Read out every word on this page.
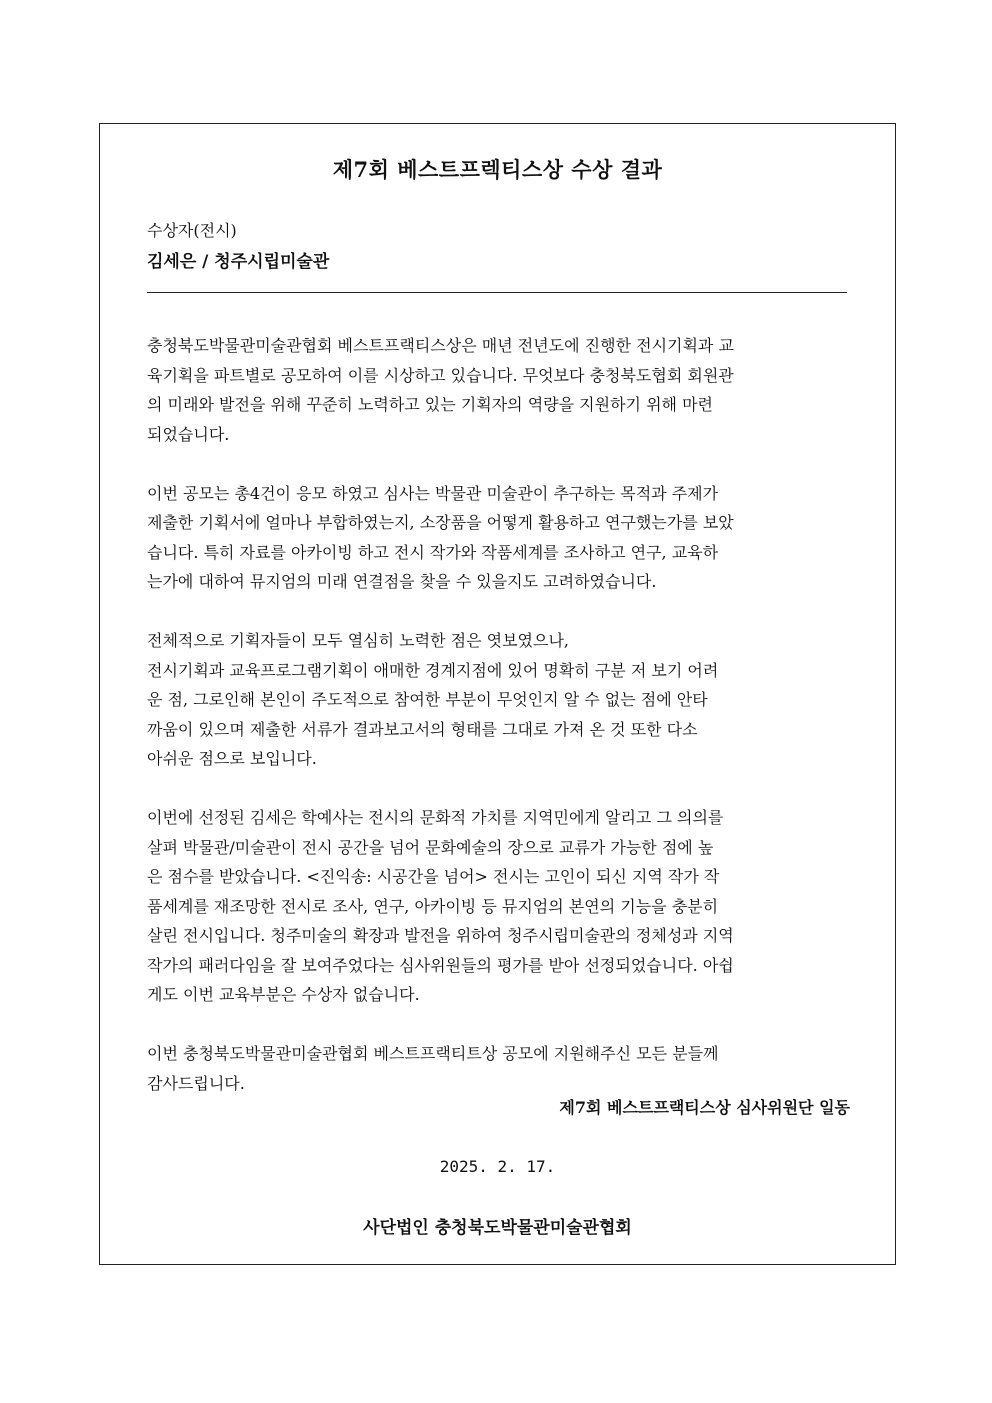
제7회 베스트프렉티스상 수상 결과
수상자(전시)
김세은 / 청주시립미술관

충청북도박물관미술관협회 베스트프랙티스상은 매년 전년도에 진행한 전시기획과 교
육기획을 파트별로 공모하여 이를 시상하고 있습니다. 무엇보다 충청북도협회 회원관
의 미래와 발전을 위해 꾸준히 노력하고 있는 기획자의 역량을 지원하기 위해 마련
되었습니다.

이번 공모는 총4건이 응모 하였고 심사는 박물관 미술관이 추구하는 목적과 주제가
제출한 기획서에 얼마나 부합하였는지, 소장품을 어떻게 활용하고 연구했는가를 보았
습니다. 특히 자료를 아카이빙 하고 전시 작가와 작품세계를 조사하고 연구, 교육하
는가에 대하여 뮤지엄의 미래 연결점을 찾을 수 있을지도 고려하였습니다.

전체적으로 기획자들이 모두 열심히 노력한 점은 엿보였으나,
전시기획과 교육프로그램기획이 애매한 경계지점에 있어 명확히 구분 저 보기 어려
운 점, 그로인해 본인이 주도적으로 참여한 부분이 무엇인지 알 수 없는 점에 안타
까움이 있으며 제출한 서류가 결과보고서의 형태를 그대로 가져 온 것 또한 다소
아쉬운 점으로 보입니다.

이번에 선정된 김세은 학예사는 전시의 문화적 가치를 지역민에게 알리고 그 의의를
살펴 박물관/미술관이 전시 공간을 넘어 문화예술의 장으로 교류가 가능한 점에 높
은 점수를 받았습니다. <진익송: 시공간을 넘어> 전시는 고인이 되신 지역 작가 작
품세계를 재조망한 전시로 조사, 연구, 아카이빙 등 뮤지엄의 본연의 기능을 충분히
살린 전시입니다. 청주미술의 확장과 발전을 위하여 청주시립미술관의 정체성과 지역
작가의 패러다임을 잘 보여주었다는 심사위원들의 평가를 받아 선정되었습니다. 아쉽
게도 이번 교육부분은 수상자 없습니다.

이번 충청북도박물관미술관협회 베스트프랙티트상 공모에 지원해주신 모든 분들께
감사드립니다.

제7회 베스트프랙티스상 심사위원단 일동
2025. 2. 17.
사단법인 충청북도박물관미술관협회
